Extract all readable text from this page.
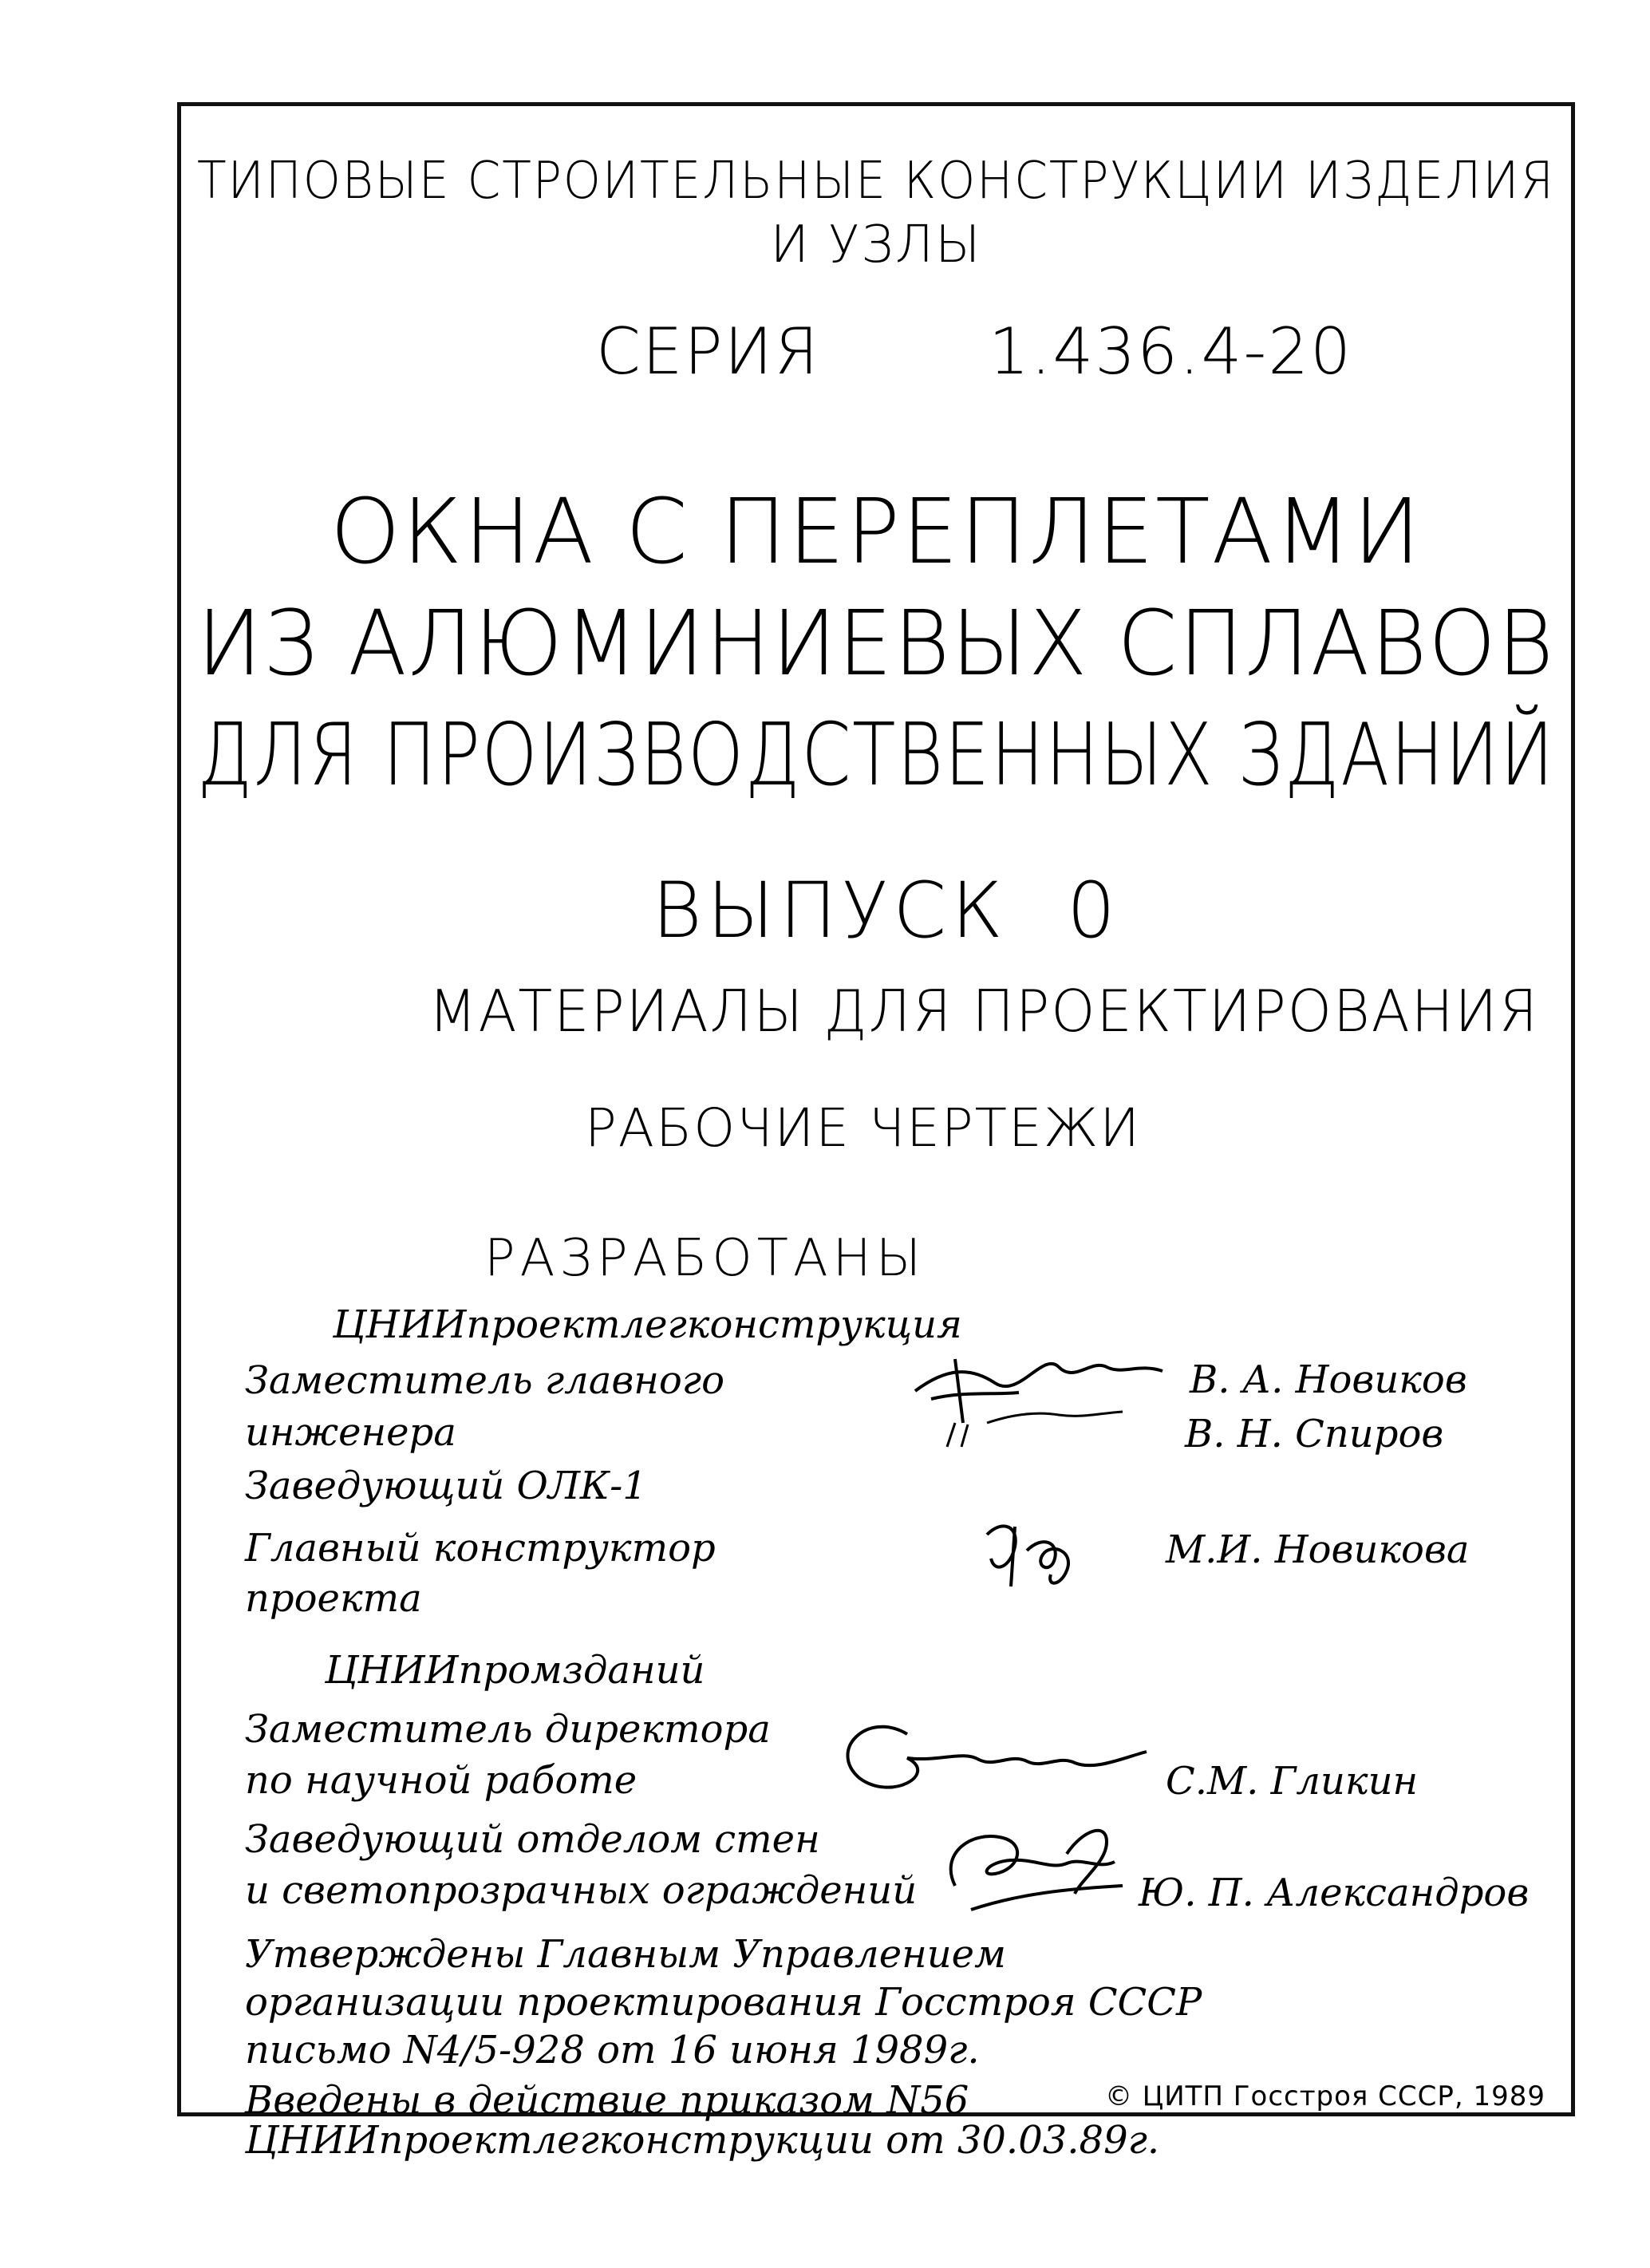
ТИПОВЫЕ СТРОИТЕЛЬНЫЕ КОНСТРУКЦИИ ИЗДЕЛИЯ
И УЗЛЫ
СЕРИЯ	1.436.4-20
ОКНА С ПЕРЕПЛЕТАМИ
ИЗ АЛЮМИНИЕВЫХ СПЛАВОВ
ДЛЯ ПРОИЗВОДСТВЕННЫХ ЗДАНИЙ
ВЫПУСК 0
МАТЕРИАЛЫ ДЛЯ ПРОЕКТИРОВАНИЯ
РАБОЧИЕ ЧЕРТЕЖИ
РАЗРАБОТАНЫ
ЦНИИпроектлегконструкция
Заместитель главного
инженера
Заведующий ОЛК-1
Главный конструктор
проекта
В. А. Новиков
В. Н. Спиров
М.И. Новикова
ЦНИИпромзданий
Заместитель директора
по научной работе
Заведующий отделом стен
и светопрозрачных ограждений
С.М. Гликин
Ю. П. Александров
Утверждены Главным Управлением
организации проектирования Госстроя СССР
письмо N4/5-928 от 16 июня 1989г.
Введены в действие приказом N56
ЦНИИпроектлегконструкции от 30.03.89г.
© ЦИТП Госстроя СССР, 1989
